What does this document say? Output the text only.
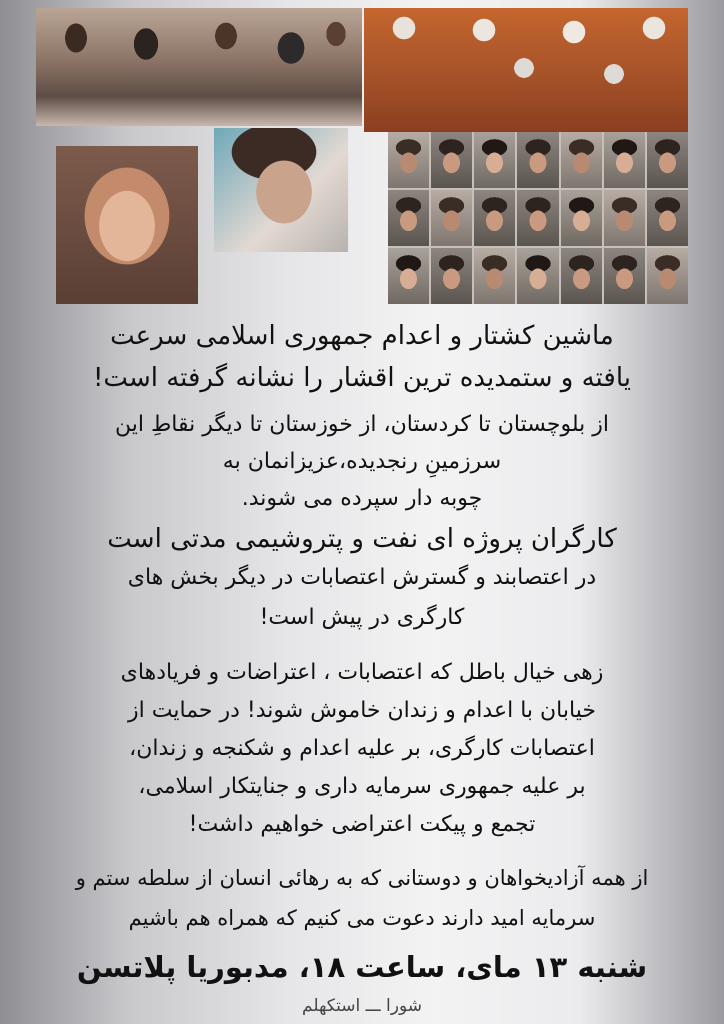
ماشین کشتار و اعدام جمهوری اسلامی سرعت
یافته و ستمدیده ترین اقشار را نشانه گرفته است!
از بلوچستان تا کردستان، از خوزستان تا دیگر نقاطِ این
سرزمینِ رنجدیده،عزیزانمان به
چوبه دار سپرده می شوند.
کارگران پروژه ای نفت و پتروشیمی مدتی است
در اعتصابند و گسترش اعتصابات در دیگر بخش های
کارگری در پیش است!
زهی خیال باطل که اعتصابات ، اعتراضات و فریادهای
خیابان با اعدام و زندان خاموش شوند! در حمایت از
اعتصابات کارگری، بر علیه اعدام و شکنجه و زندان،
بر علیه جمهوری سرمایه داری و جنایتکار اسلامی،
تجمع و پیکت اعتراضی خواهیم داشت!
از همه آزادیخواهان و دوستانی که به رهائی انسان از سلطه ستم و
سرمایه امید دارند دعوت می کنیم که همراه هم باشیم
شنبه ۱۳ مای، ساعت ۱۸، مدبوریا پلاتسن
شورا ـــ استکهلم
